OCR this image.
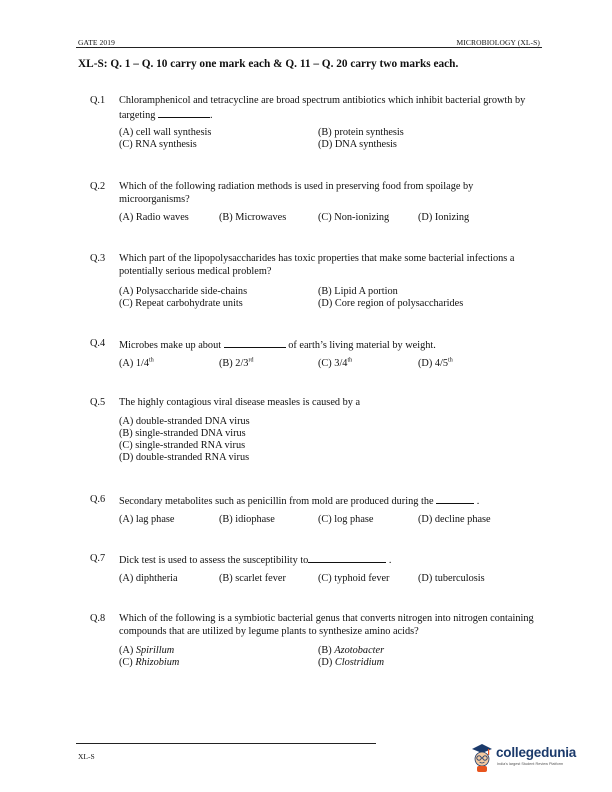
GATE 2019	MICROBIOLOGY (XL-S)
XL-S: Q. 1 – Q. 10 carry one mark each & Q. 11 – Q. 20 carry two marks each.
Q.1 Chloramphenicol and tetracycline are broad spectrum antibiotics which inhibit bacterial growth by targeting	.
(A) cell wall synthesis	(B) protein synthesis
(C) RNA synthesis	(D) DNA synthesis
Q.2 Which of the following radiation methods is used in preserving food from spoilage by microorganisms?
(A) Radio waves	(B) Microwaves	(C) Non-ionizing	(D) Ionizing
Q.3 Which part of the lipopolysaccharides has toxic properties that make some bacterial infections a potentially serious medical problem?
(A) Polysaccharide side-chains	(B) Lipid A portion
(C) Repeat carbohydrate units	(D) Core region of polysaccharides
Q.4 Microbes make up about	of earth’s living material by weight.
(A) 1/4th	(B) 2/3rd	(C) 3/4th	(D) 4/5th
Q.5 The highly contagious viral disease measles is caused by a
(A) double-stranded DNA virus
(B) single-stranded DNA virus
(C) single-stranded RNA virus
(D) double-stranded RNA virus
Q.6 Secondary metabolites such as penicillin from mold are produced during the	.
(A) lag phase	(B) idiophase	(C) log phase	(D) decline phase
Q.7 Dick test is used to assess the susceptibility to	.
(A) diphtheria	(B) scarlet fever	(C) typhoid fever	(D) tuberculosis
Q.8 Which of the following is a symbiotic bacterial genus that converts nitrogen into nitrogen containing compounds that are utilized by legume plants to synthesize amino acids?
(A) Spirillum	(B) Azotobacter
(C) Rhizobium	(D) Clostridium
XL-S	collegedunia
India's largest Student Review Platform
